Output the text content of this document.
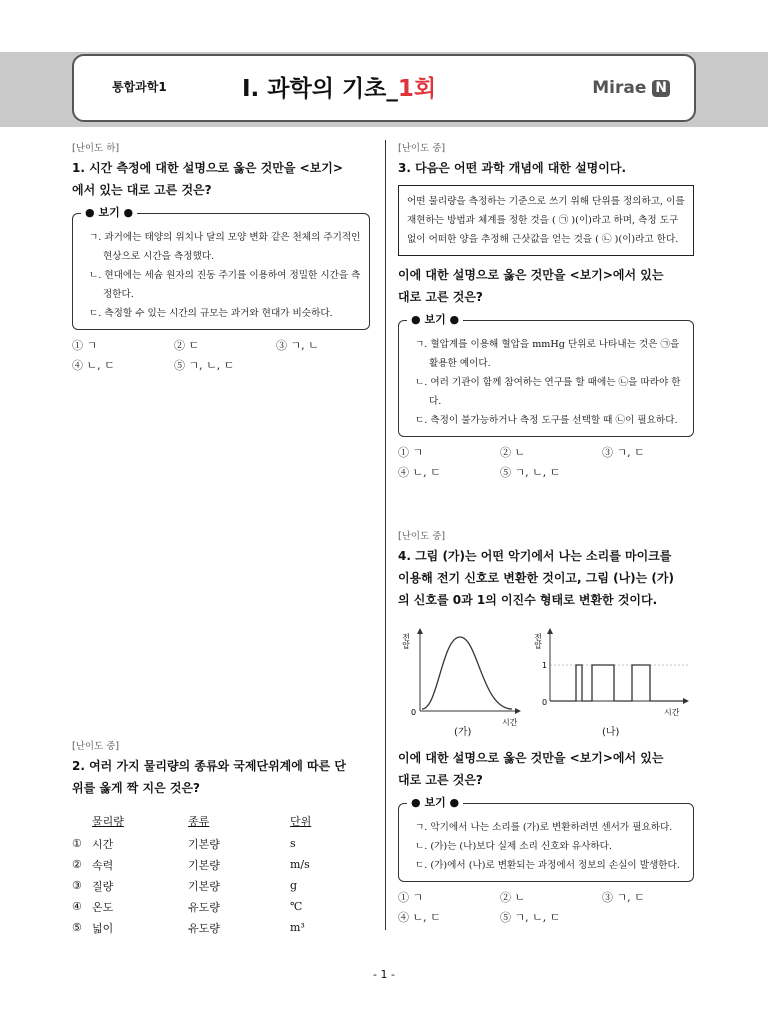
통합과학1	Ⅰ. 과학의 기초_1회	Mirae N
[난이도 하]
1. 시간 측정에 대한 설명으로 옳은 것만을 <보기>
에서 있는 대로 고른 것은?
● 보기 ●
ㄱ. 과거에는 태양의 위치나 달의 모양 변화 같은 천체의 주기적인 현상으로 시간을 측정했다.
ㄴ. 현대에는 세슘 원자의 진동 주기를 이용하여 정밀한 시간을 측정한다.
ㄷ. 측정할 수 있는 시간의 규모는 과거와 현대가 비슷하다.
① ㄱ	② ㄷ	③ ㄱ, ㄴ
④ ㄴ, ㄷ	⑤ ㄱ, ㄴ, ㄷ
[난이도 중]
2. 여러 가지 물리량의 종류와 국제단위계에 따른 단
위를 옳게 짝 지은 것은?
	물리량	종류	단위
①	시간	기본량	s
②	속력	기본량	m/s
③	질량	기본량	g
④	온도	유도량	℃
⑤	넓이	유도량	m³
[난이도 중]
3. 다음은 어떤 과학 개념에 대한 설명이다.
어떤 물리량을 측정하는 기준으로 쓰기 위해 단위를 정의하고, 이를 재현하는 방법과 체계를 정한 것을 ( ㉠ )(이)라고 하며, 측정 도구 없이 어떠한 양을 추정해 근삿값을 얻는 것을 ( ㉡ )(이)라고 한다.
이에 대한 설명으로 옳은 것만을 <보기>에서 있는
대로 고른 것은?
● 보기 ●
ㄱ. 혈압계를 이용해 혈압을 mmHg 단위로 나타내는 것은 ㉠을 활용한 예이다.
ㄴ. 여러 기관이 함께 참여하는 연구를 할 때에는 ㉡을 따라야 한다.
ㄷ. 측정이 불가능하거나 측정 도구를 선택할 때 ㉡이 필요하다.
① ㄱ	② ㄴ	③ ㄱ, ㄷ
④ ㄴ, ㄷ	⑤ ㄱ, ㄴ, ㄷ
[난이도 중]
4. 그림 (가)는 어떤 악기에서 나는 소리를 마이크를
이용해 전기 신호로 변환한 것이고, 그림 (나)는 (가)
의 신호를 0과 1의 이진수 형태로 변환한 것이다.
전압
0
시간
전압
1
0
시간
(가)	(나)
이에 대한 설명으로 옳은 것만을 <보기>에서 있는
대로 고른 것은?
● 보기 ●
ㄱ. 악기에서 나는 소리를 (가)로 변환하려면 센서가 필요하다.
ㄴ. (가)는 (나)보다 실제 소리 신호와 유사하다.
ㄷ. (가)에서 (나)로 변환되는 과정에서 정보의 손실이 발생한다.
① ㄱ	② ㄴ	③ ㄱ, ㄷ
④ ㄴ, ㄷ	⑤ ㄱ, ㄴ, ㄷ
- 1 -
